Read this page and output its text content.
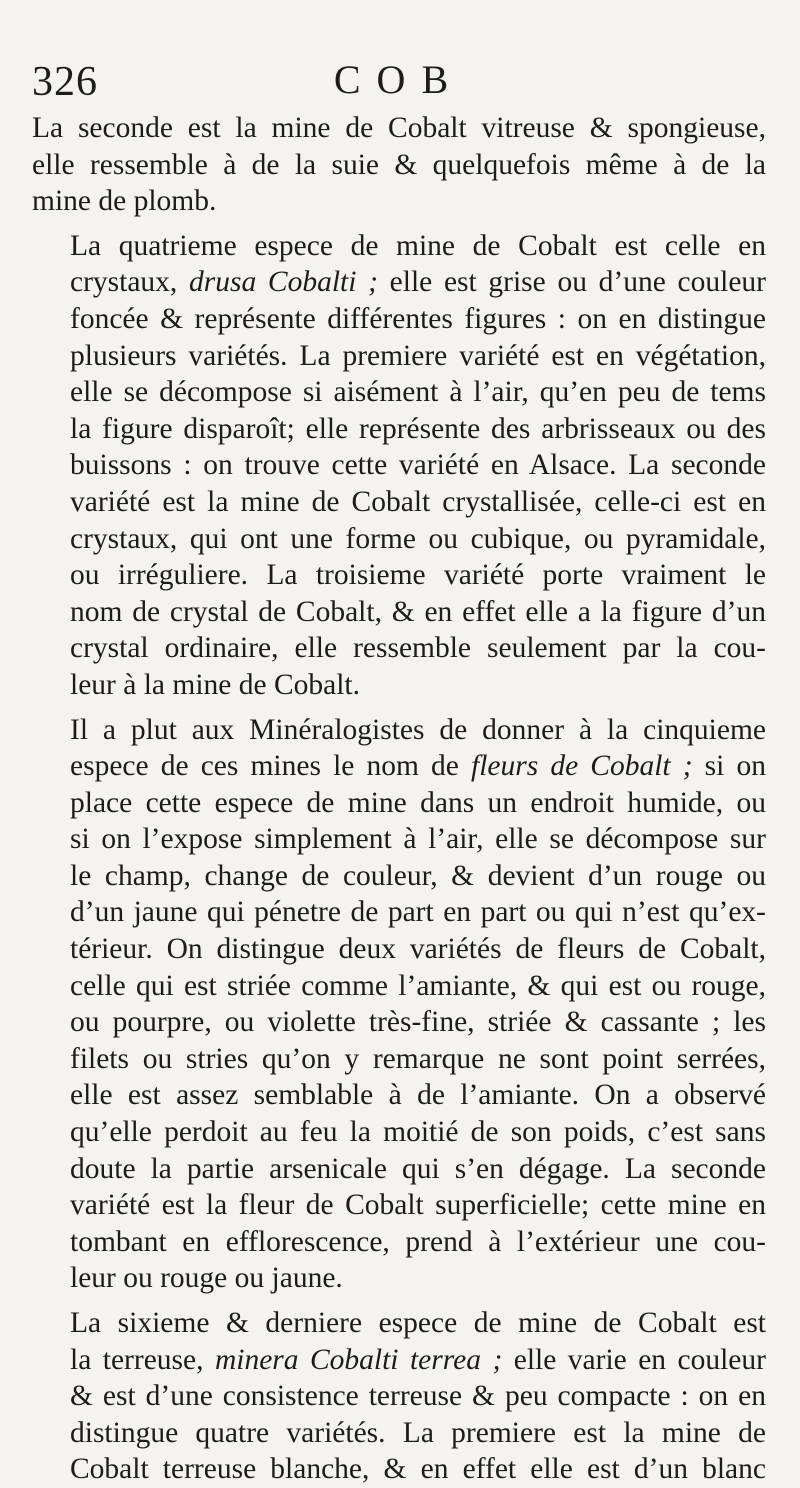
326	COB
La seconde est la mine de Cobalt vitreuse & spongieuse,
elle ressemble à de la suie & quelquefois même à de la
mine de plomb.
La quatrieme espece de mine de Cobalt est celle en
crystaux, drusa Cobalti ; elle est grise ou d’une couleur
foncée & représente différentes figures : on en distingue
plusieurs variétés. La premiere variété est en végétation,
elle se décompose si aisément à l’air, qu’en peu de tems
la figure disparoît; elle représente des arbrisseaux ou des
buissons : on trouve cette variété en Alsace. La seconde
variété est la mine de Cobalt crystallisée, celle-ci est en
crystaux, qui ont une forme ou cubique, ou pyramidale,
ou irréguliere. La troisieme variété porte vraiment le
nom de crystal de Cobalt, & en effet elle a la figure d’un
crystal ordinaire, elle ressemble seulement par la cou-
leur à la mine de Cobalt.
Il a plut aux Minéralogistes de donner à la cinquieme
espece de ces mines le nom de fleurs de Cobalt ; si on
place cette espece de mine dans un endroit humide, ou
si on l’expose simplement à l’air, elle se décompose sur
le champ, change de couleur, & devient d’un rouge ou
d’un jaune qui pénetre de part en part ou qui n’est qu’ex-
térieur. On distingue deux variétés de fleurs de Cobalt,
celle qui est striée comme l’amiante, & qui est ou rouge,
ou pourpre, ou violette très-fine, striée & cassante ; les
filets ou stries qu’on y remarque ne sont point serrées,
elle est assez semblable à de l’amiante. On a observé
qu’elle perdoit au feu la moitié de son poids, c’est sans
doute la partie arsenicale qui s’en dégage. La seconde
variété est la fleur de Cobalt superficielle; cette mine en
tombant en efflorescence, prend à l’extérieur une cou-
leur ou rouge ou jaune.
La sixieme & derniere espece de mine de Cobalt est
la terreuse, minera Cobalti terrea ; elle varie en couleur
& est d’une consistence terreuse & peu compacte : on en
distingue quatre variétés. La premiere est la mine de
Cobalt terreuse blanche, & en effet elle est d’un blanc
